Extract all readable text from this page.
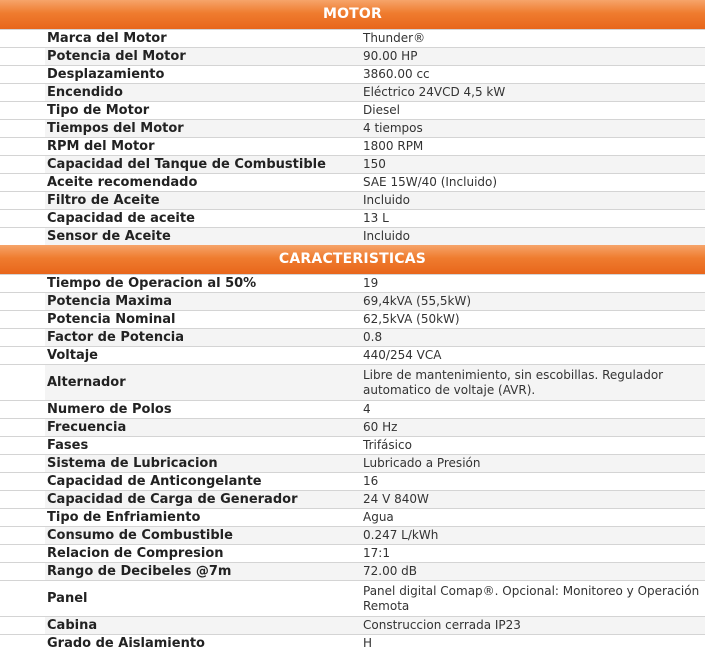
MOTOR
	Marca del Motor	Thunder®
	Potencia del Motor	90.00 HP
	Desplazamiento	3860.00 cc
	Encendido	Eléctrico 24VCD 4,5 kW
	Tipo de Motor	Diesel
	Tiempos del Motor	4 tiempos
	RPM del Motor	1800 RPM
	Capacidad del Tanque de Combustible	150
	Aceite recomendado	SAE 15W/40 (Incluido)
	Filtro de Aceite	Incluido
	Capacidad de aceite	13 L
	Sensor de Aceite	Incluido
CARACTERISTICAS
	Tiempo de Operacion al 50%	19
	Potencia Maxima	69,4kVA (55,5kW)
	Potencia Nominal	62,5kVA (50kW)
	Factor de Potencia	0.8
	Voltaje	440/254 VCA
	Alternador	Libre de mantenimiento, sin escobillas. Regulador automatico de voltaje (AVR).
	Numero de Polos	4
	Frecuencia	60 Hz
	Fases	Trifásico
	Sistema de Lubricacion	Lubricado a Presión
	Capacidad de Anticongelante	16
	Capacidad de Carga de Generador	24 V 840W
	Tipo de Enfriamiento	Agua
	Consumo de Combustible	0.247 L/kWh
	Relacion de Compresion	17:1
	Rango de Decibeles @7m	72.00 dB
	Panel	Panel digital Comap®. Opcional: Monitoreo y Operación Remota
	Cabina	Construccion cerrada IP23
	Grado de Aislamiento	H
